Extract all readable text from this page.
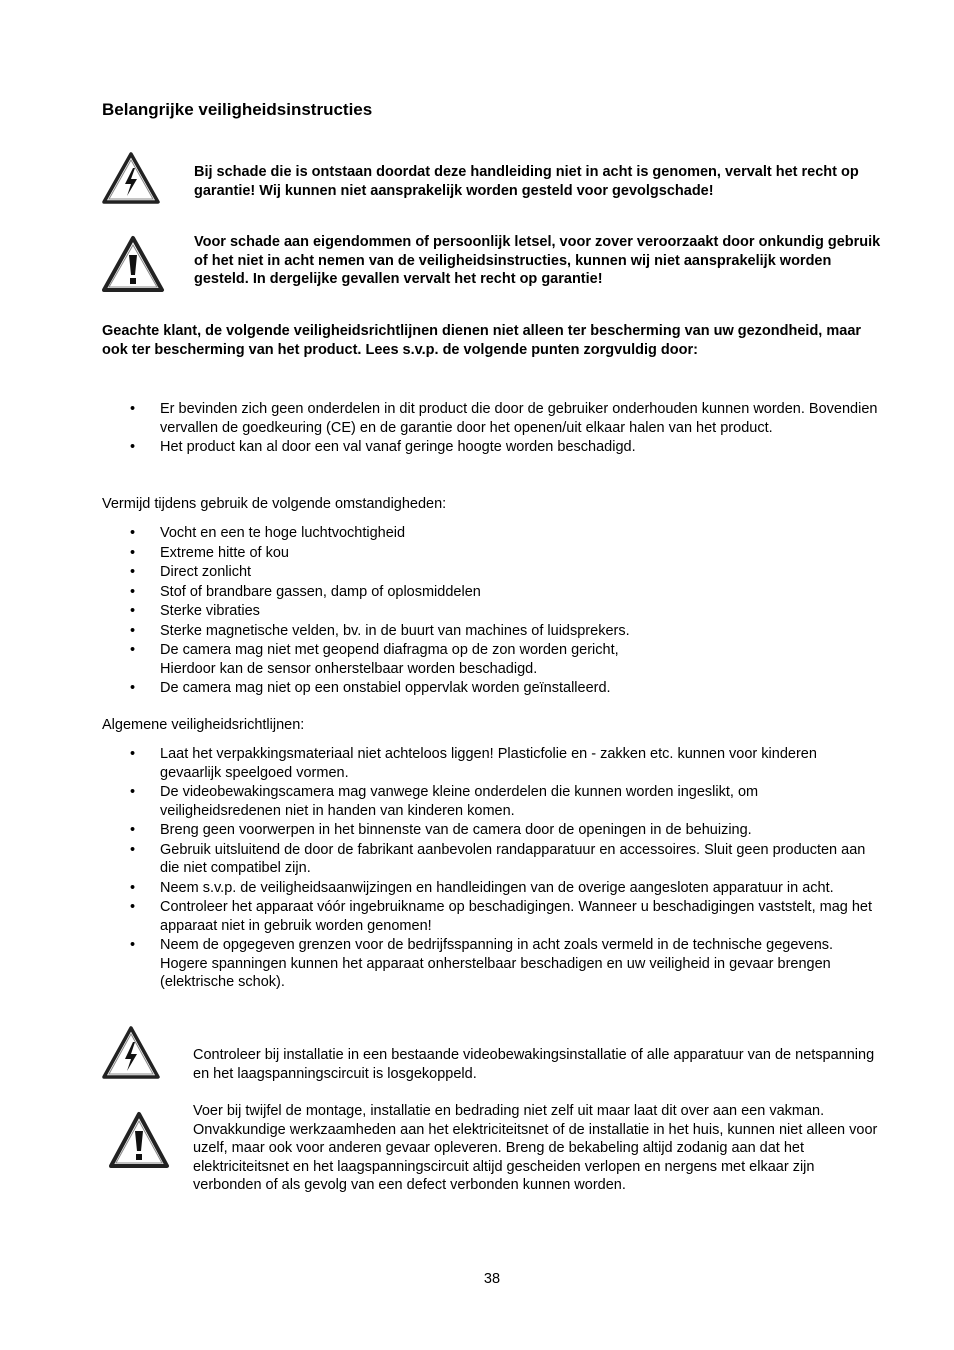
Belangrijke veiligheidsinstructies
Bij schade die is ontstaan doordat deze handleiding niet in acht is genomen, vervalt het recht op garantie! Wij kunnen niet aansprakelijk worden gesteld voor gevolgschade!
Voor schade aan eigendommen of persoonlijk letsel, voor zover veroorzaakt door onkundig gebruik of het niet in acht nemen van de veiligheidsinstructies, kunnen wij niet aansprakelijk worden gesteld. In dergelijke gevallen vervalt het recht op garantie!
Geachte klant, de volgende veiligheidsrichtlijnen dienen niet alleen ter bescherming van uw gezondheid, maar ook ter bescherming van het product. Lees s.v.p. de volgende punten zorgvuldig door:
• Er bevinden zich geen onderdelen in dit product die door de gebruiker onderhouden kunnen worden. Bovendien vervallen de goedkeuring (CE) en de garantie door het openen/uit elkaar halen van het product.
• Het product kan al door een val vanaf geringe hoogte worden beschadigd.
Vermijd tijdens gebruik de volgende omstandigheden:
• Vocht en een te hoge luchtvochtigheid
• Extreme hitte of kou
• Direct zonlicht
• Stof of brandbare gassen, damp of oplosmiddelen
• Sterke vibraties
• Sterke magnetische velden, bv. in de buurt van machines of luidsprekers.
• De camera mag niet met geopend diafragma op de zon worden gericht,
Hierdoor kan de sensor onherstelbaar worden beschadigd.
• De camera mag niet op een onstabiel oppervlak worden geïnstalleerd.
Algemene veiligheidsrichtlijnen:
• Laat het verpakkingsmateriaal niet achteloos liggen! Plasticfolie en - zakken etc. kunnen voor kinderen gevaarlijk speelgoed vormen.
• De videobewakingscamera mag vanwege kleine onderdelen die kunnen worden ingeslikt, om veiligheidsredenen niet in handen van kinderen komen.
• Breng geen voorwerpen in het binnenste van de camera door de openingen in de behuizing.
• Gebruik uitsluitend de door de fabrikant aanbevolen randapparatuur en accessoires. Sluit geen producten aan die niet compatibel zijn.
• Neem s.v.p. de veiligheidsaanwijzingen en handleidingen van de overige aangesloten apparatuur in acht.
• Controleer het apparaat vóór ingebruikname op beschadigingen. Wanneer u beschadigingen vaststelt, mag het apparaat niet in gebruik worden genomen!
• Neem de opgegeven grenzen voor de bedrijfsspanning in acht zoals vermeld in de technische gegevens. Hogere spanningen kunnen het apparaat onherstelbaar beschadigen en uw veiligheid in gevaar brengen (elektrische schok).
Controleer bij installatie in een bestaande videobewakingsinstallatie of alle apparatuur van de netspanning en het laagspanningscircuit is losgekoppeld.
Voer bij twijfel de montage, installatie en bedrading niet zelf uit maar laat dit over aan een vakman. Onvakkundige werkzaamheden aan het elektriciteitsnet of de installatie in het huis, kunnen niet alleen voor uzelf, maar ook voor anderen gevaar opleveren. Breng de bekabeling altijd zodanig aan dat het elektriciteitsnet en het laagspanningscircuit altijd gescheiden verlopen en nergens met elkaar zijn verbonden of als gevolg van een defect verbonden kunnen worden.
38
